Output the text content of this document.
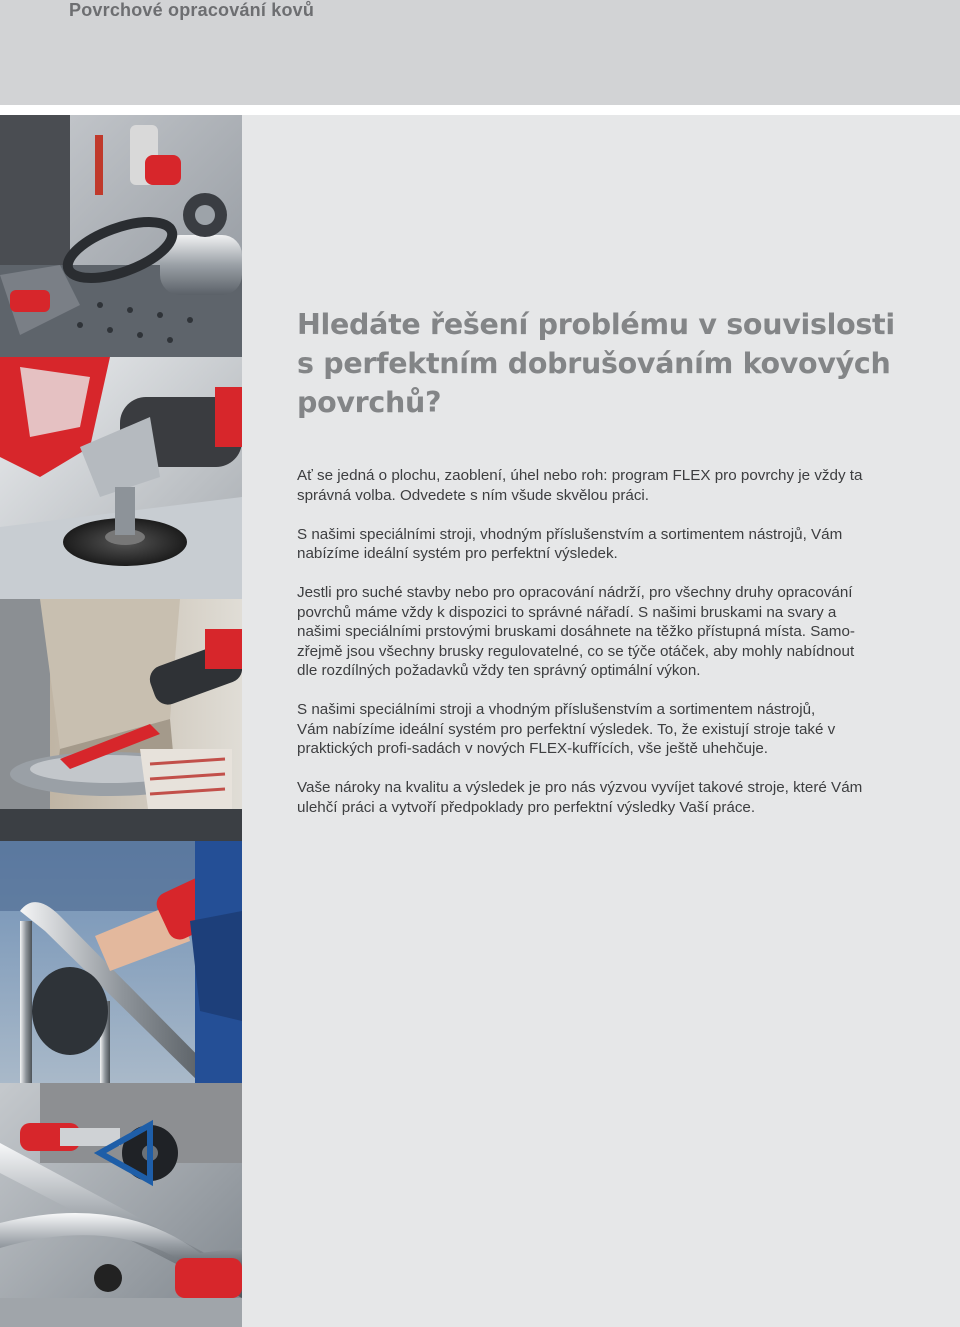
Povrchové opracování kovů
Hledáte řešení problému v souvislosti
s perfektním dobrušováním kovových
povrchů?

Ať se jedná o plochu, zaoblení, úhel nebo roh: program FLEX pro povrchy je vždy ta
správná volba. Odvedete s ním všude skvělou práci.

S našimi speciálními stroji, vhodným příslušenstvím a sortimentem nástrojů, Vám
nabízíme ideální systém pro perfektní výsledek.

Jestli pro suché stavby nebo pro opracování nádrží, pro všechny druhy opracování
povrchů máme vždy k dispozici to správné nářadí. S našimi bruskami na svary a
našimi speciálními prstovými bruskami dosáhnete na těžko přístupná místa. Samo-
zřejmě jsou všechny brusky regulovatelné, co se týče otáček, aby mohly nabídnout
dle rozdílných požadavků vždy ten správný optimální výkon.

S našimi speciálními stroji a vhodným příslušenstvím a sortimentem nástrojů,
Vám nabízíme ideální systém pro perfektní výsledek. To, že existují stroje také v
praktických profi-sadách v nových FLEX-kufřících, vše ještě uhehčuje.

Vaše nároky na kvalitu a výsledek je pro nás výzvou vyvíjet takové stroje, které Vám
ulehčí práci a vytvoří předpoklady pro perfektní výsledky Vaší práce.
